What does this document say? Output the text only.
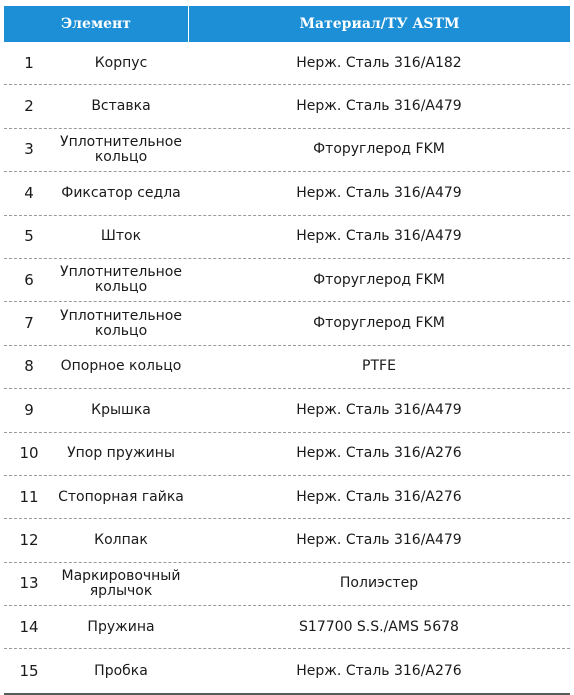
Элемент	Материал/ТУ ASTM
1	Корпус	Нерж. Сталь 316/A182
2	Вставка	Нерж. Сталь 316/A479
3	Уплотнительное кольцо	Фторуглерод FKM
4	Фиксатор седла	Нерж. Сталь 316/A479
5	Шток	Нерж. Сталь 316/A479
6	Уплотнительное кольцо	Фторуглерод FKM
7	Уплотнительное кольцо	Фторуглерод FKM
8	Опорное кольцо	PTFE
9	Крышка	Нерж. Сталь 316/A479
10	Упор пружины	Нерж. Сталь 316/A276
11	Стопорная гайка	Нерж. Сталь 316/A276
12	Колпак	Нерж. Сталь 316/A479
13	Маркировочный ярлычок	Полиэстер
14	Пружина	S17700 S.S./AMS 5678
15	Пробка	Нерж. Сталь 316/A276
